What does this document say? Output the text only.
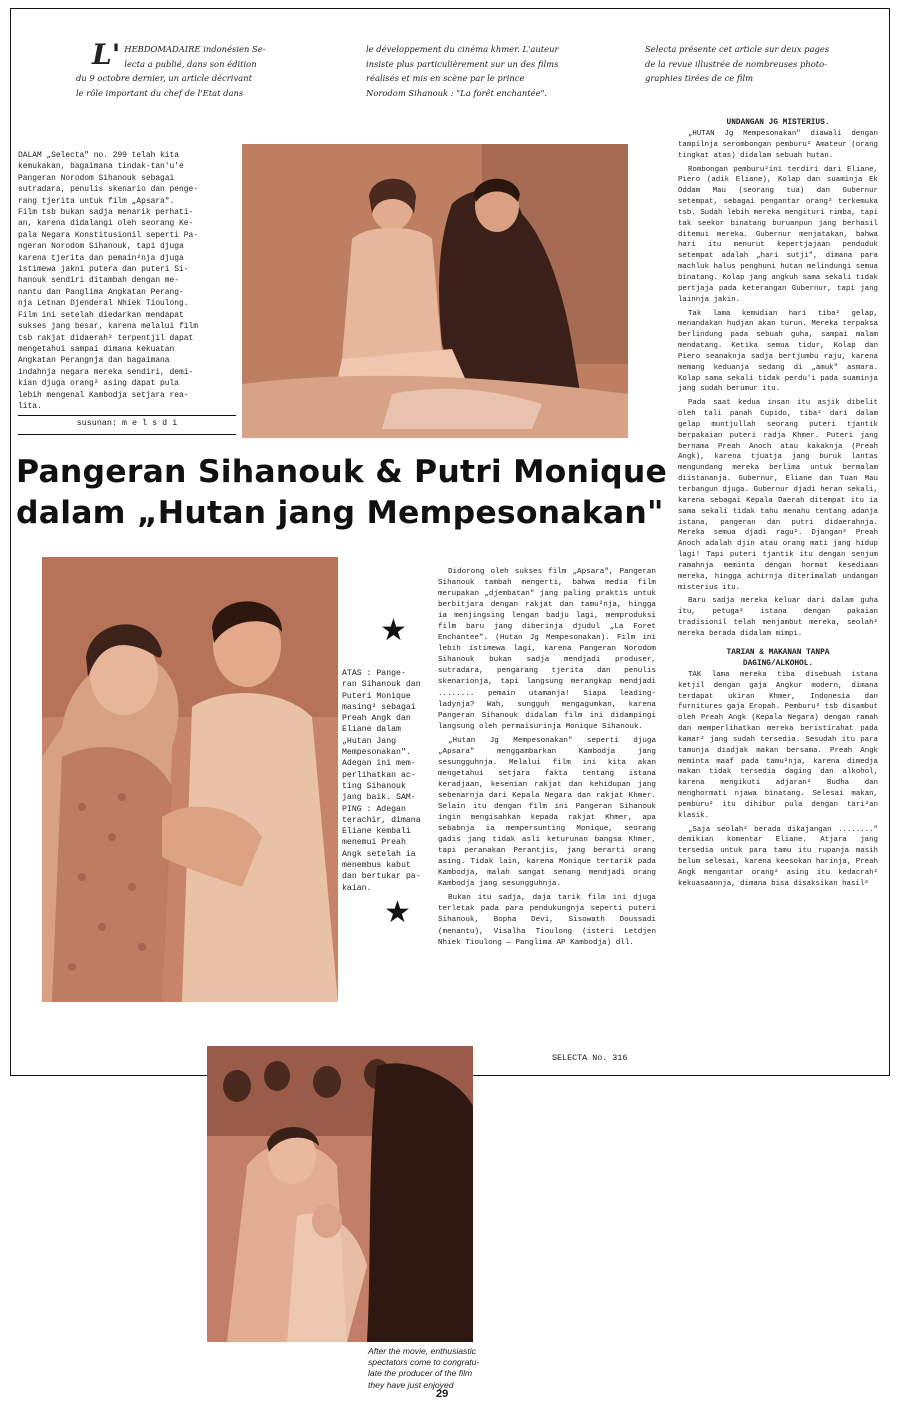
L' HEBDOMADAIRE indonésien Se-
lecta a publié, dans son édition
du 9 octobre dernier, un article décrivant
le rôle important du chef de l'Etat dans
le développement du cinéma khmer. L'auteur
insiste plus particulièrement sur un des films
réalisés et mis en scène par le prince
Norodom Sihanouk : "La forêt enchantée".
Selecta présente cet article sur deux pages
de la revue illustrée de nombreuses photo-
graphies tirées de ce film
DALAM „Selecta" no. 299 telah kita
kemukakan, bagaimana tindak-tan'u'e
Pangeran Norodom Sihanouk sebagai
sutradara, penulis skenario dan penge-
rang tjerita untuk film „Apsara".
Film tsb bukan sadja menarik perhati-
an, karena didalangi oleh seorang Ke-
pala Negara Konstitusionil seperti Pa-
ngeran Norodom Sihanouk, tapi djuga
karena tjerita dan pemain²nja djuga
istimewa jakni putera dan puteri Si-
hanouk sendiri ditambah dengan me-
nantu dan Panglima Angkatan Perang-
nja Letnan Djenderal Nhiek Tioulong.
Film ini setelah diedarkan mendapat
sukses jang besar, karena melalui film
tsb rakjat didaerah² terpentjil dapat
mengetahui sampai dimana kekuatan
Angkatan Perangnja dan bagaimana
indahnja negara mereka sendiri, demi-
kian djuga orang² asing dapat pula
lebih mengenal Kambodja setjara rea-
lita.
susunan: m e l s d i
Pangeran Sihanouk & Putri Monique
dalam „Hutan jang Mempesonakan"
★
★
ATAS : Pange-
ran Sihanouk dan
Puteri Monique
masing² sebagai
Preah Angk dan
Eliane dalam
„Hutan Jang
Mempesonakan".
Adegan ini mem-
perlihatkan ac-
ting Sihanouk
jang baik. SAM-
PING : Adegan
terachir, dimana
Eliane kembali
menemui Preah
Angk setelah ia
menembus kabut
dan bertukar pa-
kaian.

Didorong oleh sukses film „Apsara", Pangeran Sihanouk tambah mengerti, bahwa media film merupakan „djembatan" jang paling praktis untuk berbitjara dengan rakjat dan tamu²nja, hingga ia menjingsing lengan badju lagi, memproduksi film baru jang diberinja djudul „La Foret Enchantee". (Hutan Jg Mempesonakan). Film ini lebih istimewa lagi, karena Pangeran Norodom Sihanouk bukan sadja mendjadi produser, sutradara, pengarang tjerita dan penulis skenarionja, tapi langsung merangkap mendjadi ........ pemain utamanja! Siapa leading-ladynja? Wah, sungguh mengagumkan, karena Pangeran Sihanouk didalam film ini didampingi langsung oleh permaisurinja Monique Sihanouk.

„Hutan Jg Mempesonakan" seperti djuga „Apsara" menggambarkan Kambodja jang sesungguhnja. Melalui film ini kita akan mengetahui setjara fakta tentang istana keradjaan, kesenian rakjat dan kehidupan jang sebenarnja dari Kepala Negara dan rakjat Khmer. Selain itu dengan film ini Pangeran Sihanouk ingin mengisahkan kepada rakjat Khmer, apa sebabnja ia mempersunting Monique, seorang gadis jang tidak asli keturunan bangsa Khmer, tapi peranakan Perantjis, jang berarti orang asing. Tidak lain, karena Monique tertarik pada Kambodja, malah sangat senang mendjadi orang Kambodja jang sesungguhnja.

Bukan itu sadja, daja tarik film ini djuga terletak pada para pendukungnja seperti puteri Sihanouk, Bopha Devi, Sisowath Doussadi (menantu), Visalha Tioulong (isteri Letdjen Nhiek Tioulong — Panglima AP Kambodja) dll.

SELECTA No. 316
UNDANGAN JG MISTERIUS.

„HUTAN Jg Mempesonakan" diawali dengan tampilnja serombongan pemburu² Amateur (orang tingkat atas) didalam sebuah hutan.

Rombongan pemburu²ini terdiri dari Eliane, Piero (adik Eliane), Kolap dan suaminja Ek Oddam Mau (seorang tua) dan Gubernur setempat, sebagai pengantar orang² terkemuka tsb. Sudah lebih mereka mengituri rimba, tapi tak seekor binatang buruanpun jang berhasil ditemui mereka. Gubernur menjatakan, bahwa hari itu menurut kepertjajaan penduduk setempat adalah „hari sutji", dimana para machluk halus penghuni hutan melindungi semua binatang. Kolap jang angkuh sama sekali tidak pertjaja pada keterangan Gubernur, tapi jang lainnja jakin.

Tak lama kemudian hari tiba² gelap, menandakan hudjan akan turun. Mereka terpaksa berlindung pada sebuah guha, sampai malam mendatang. Ketika semua tidur, Kolap dan Piero seanaknja sadja bertjumbu raju, karena memang keduanja sedang di „amuk" asmara. Kolap sama sekali tidak perdu'i pada suaminja jang sudah berumur itu.

Pada saat kedua insan itu asjik dibelit oleh tali panah Cupido, tiba² dari dalam gelap muntjullah seorang puteri tjantik berpakaian puteri radja Khmer. Puteri jang bernama Preah Anoch atau kakaknja (Preah Angk), karena tjuatja jang buruk lantas mengundang mereka berlima untuk bermalam diistananja. Gubernur, Eliane dan Tuan Mau terbangun djuga. Gubernur djadi heran sekali, karena sebagai Kepala Daerah ditempat itu ia sama sekali tidak tahu menahu tentang adanja istana, pangeran dan putri didaerahnja. Mereka semua djadi ragu². Djangan² Preah Anoch adalah djin atau orang mati jang hidup lagi! Tapi puteri tjantik itu dengan senjum ramahnja meminta dengan hormat kesediaan mereka, hingga achirnja diterimalah undangan misterius itu.

Baru sadja mereka keluar dari dalam guha itu, petuga² istana dengan pakaian tradisionil telah menjambut mereka, seolah² mereka berada didalam mimpi.

TARIAN & MAKANAN TANPA
DAGING/ALKOHOL.

TAK lama mereka tiba disebuah istana ketjil dengan gaja Angkur modern, dimana terdapat ukiran Khmer, Indonesia dan furnitures gaja Eropah. Pemburu² tsb disambut oleh Preah Angk (Kepala Negara) dengan ramah dan memperlihatkan mereka beristirahat pada kamar² jang sudah tersedia. Sesudah itu para tamunja diadjak makan bersama. Preah Angk meminta maaf pada tamu²nja, karena dimedja makan tidak tersedia daging dan alkohol, karena mengikuti adjaran² Budha dan menghormati njawa binatang. Selesai makan, pemburu² itu dihibur pula dengan tari²an klasik.

„Saja seolah² berada dikajangan ........" demikian komentar Eliane. Atjara jang tersedia untuk para tamu itu rupanja masih belum selesai, karena keesokan harinja, Preah Angk mengantar orang² asing itu kedacrah² kekuasaannja, dimana bisa disaksikan hasil²

After the movie, enthusiastic
spectators come to congratu-
late the producer of the film
they have just enjoyed
29
